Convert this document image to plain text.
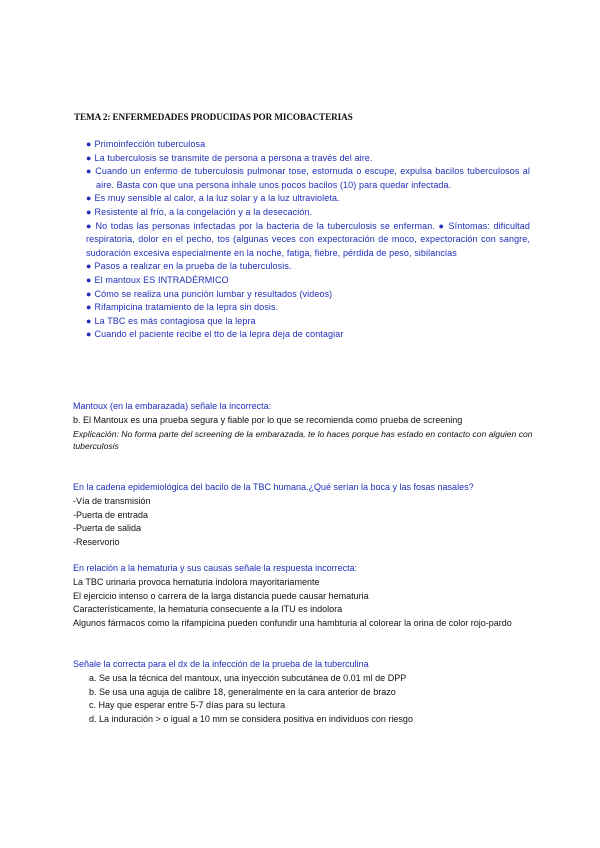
TEMA 2: ENFERMEDADES PRODUCIDAS POR MICOBACTERIAS
● Primoinfección tuberculosa
● La tuberculosis se transmite de persona a persona a través del aire.
● Cuando un enfermo de tuberculosis pulmonar tose, estornuda o escupe, expulsa bacilos tuberculosos al aire. Basta con que una persona inhale unos pocos bacilos (10) para quedar infectada.
● Es muy sensible al calor, a la luz solar y a la luz ultravioleta.
● Resistente al frío, a la congelación y a la desecación.
● No todas las personas infectadas por la bacteria de la tuberculosis se enferman. ● Síntomas: dificultad respiratoria, dolor en el pecho, tos (algunas veces con expectoración de moco, expectoración con sangre, sudoración excesiva especialmente en la noche, fatiga, fiebre, pérdida de peso, sibilancias
● Pasos a realizar en la prueba de la tuberculosis.
● El mantoux ES INTRADÉRMICO
● Cómo se realiza una punción lumbar y resultados (videos)
● Rifampicina tratamiento de la lepra sin dosis.
● La TBC es más contagiosa que la lepra
● Cuando el paciente recibe el tto de la lepra deja de contagiar
Mantoux (en la embarazada) señale la incorrecta:
b. El Mantoux es una prueba segura y fiable por lo que se recomienda como prueba de screening
Explicación: No forma parte del screening de la embarazada, te lo haces porque has estado en contacto con alguien con tuberculosis
En la cadena epidemiológica del bacilo de la TBC humana.¿Qué serían la boca y las fosas nasales?
-Vía de transmisión
-Puerta de entrada
-Puerta de salida
-Reservorio
En relación a la hematuria y sus causas señale la respuesta incorrecta:
La TBC urinaria provoca hematuria indolora mayoritariamente
El ejercicio intenso o carrera de la larga distancia puede causar hematuria
Característicamente, la hematuria consecuente a la ITU es indolora
Algunos fármacos como la rifampicina pueden confundir una hambturia al colorear la orina de color rojo-pardo
Señale la correcta para el dx de la infección de la prueba de la tuberculina
a. Se usa la técnica del mantoux, una inyección subcutánea de 0.01 ml de DPP
b. Se usa una aguja de calibre 18, generalmente en la cara anterior de brazo
c. Hay que esperar entre 5-7 días para su lectura
d. La induración > o igual a 10 mm se considera positiva en individuos con riesgo
